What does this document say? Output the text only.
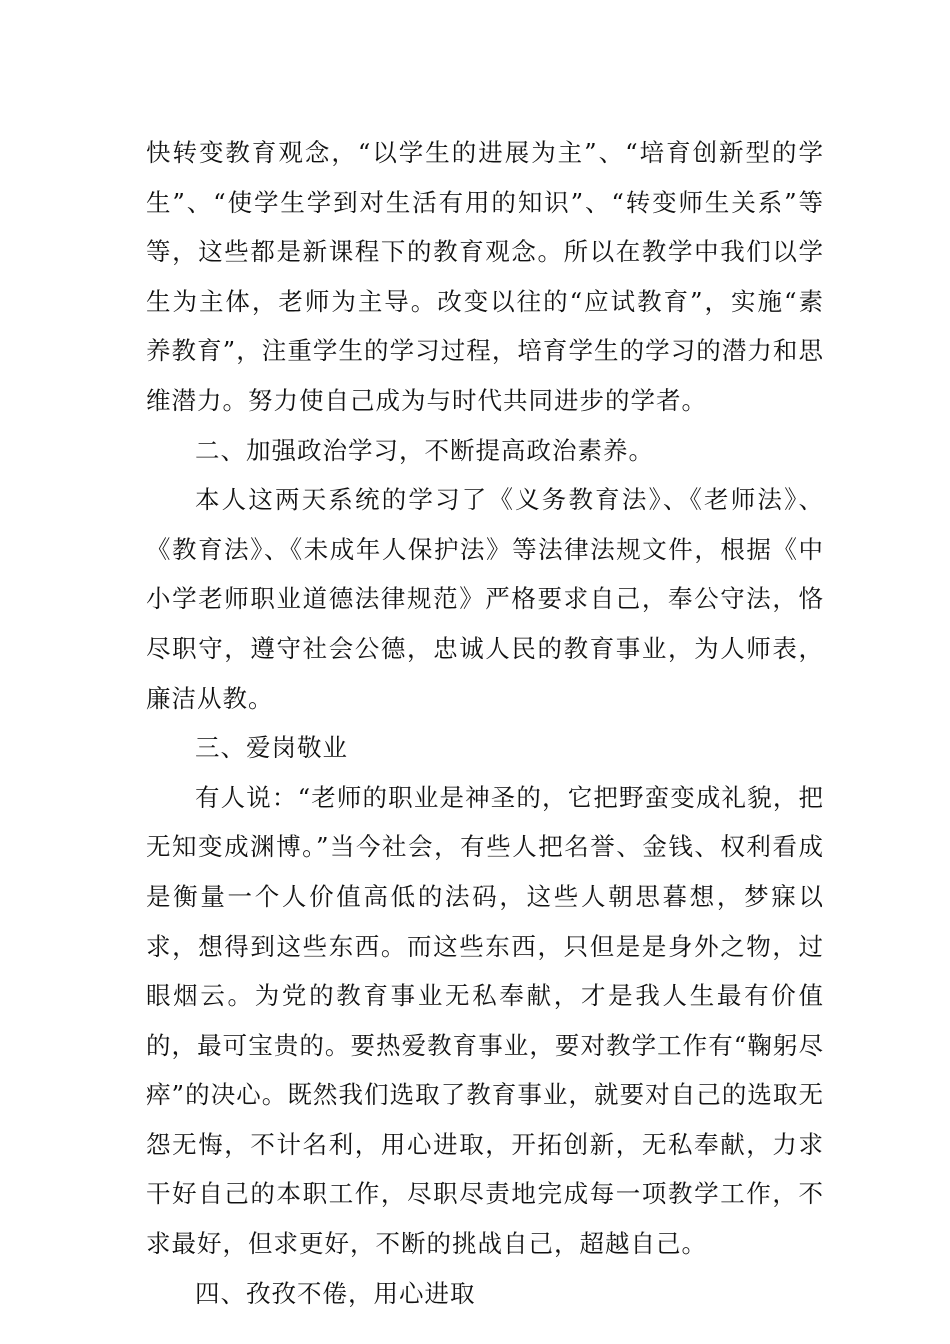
快转变教育观念，“以学生的进展为主”、“培育创新型的学生”、“使学生学到对生活有用的知识”、“转变师生关系”等等，这些都是新课程下的教育观念。所以在教学中我们以学生为主体，老师为主导。改变以往的“应试教育”，实施“素养教育”，注重学生的学习过程，培育学生的学习的潜力和思维潜力。努力使自己成为与时代共同进步的学者。

二、加强政治学习，不断提高政治素养。

本人这两天系统的学习了《义务教育法》、《老师法》、《教育法》、《未成年人保护法》等法律法规文件，根据《中小学老师职业道德法律规范》严格要求自己，奉公守法，恪尽职守，遵守社会公德，忠诚人民的教育事业，为人师表，廉洁从教。

三、爱岗敬业

有人说：“老师的职业是神圣的，它把野蛮变成礼貌，把无知变成渊博。”当今社会，有些人把名誉、金钱、权利看成是衡量一个人价值高低的法码，这些人朝思暮想，梦寐以求，想得到这些东西。而这些东西，只但是是身外之物，过眼烟云。为党的教育事业无私奉献，才是我人生最有价值的，最可宝贵的。要热爱教育事业，要对教学工作有“鞠躬尽瘁”的决心。既然我们选取了教育事业，就要对自己的选取无怨无悔，不计名利，用心进取，开拓创新，无私奉献，力求干好自己的本职工作，尽职尽责地完成每一项教学工作，不求最好，但求更好，不断的挑战自己，超越自己。

四、孜孜不倦，用心进取
